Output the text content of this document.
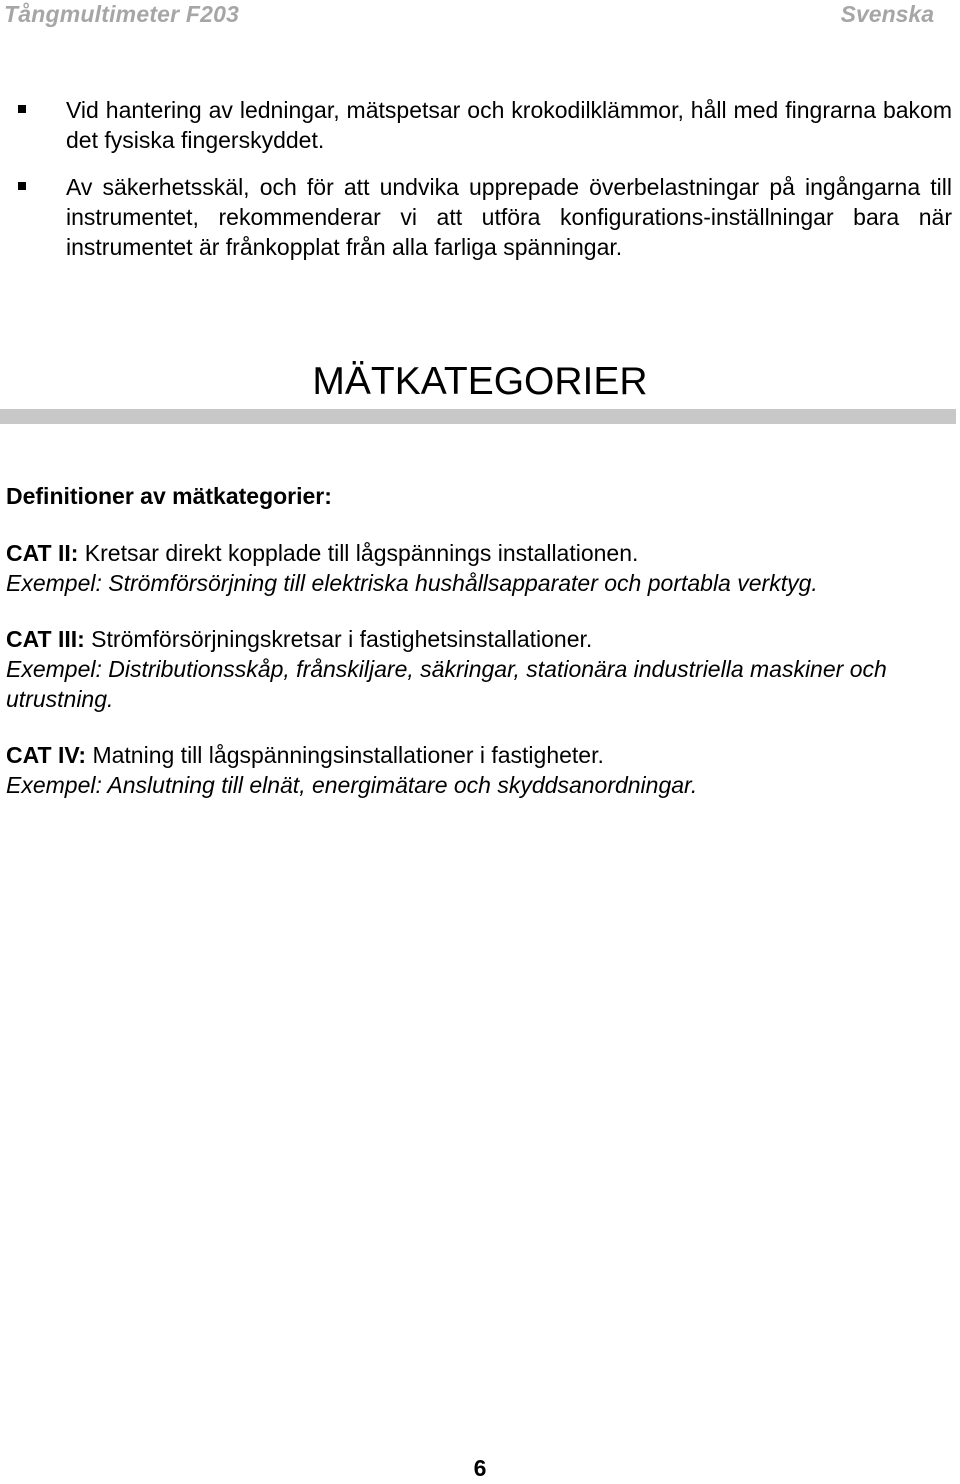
Tångmultimeter F203	Svenska
Vid hantering av ledningar, mätspetsar och krokodilklämmor, håll med fingrarna bakom det fysiska fingerskyddet.
Av säkerhetsskäl, och för att undvika upprepade överbelastningar på ingångarna till instrumentet, rekommenderar vi att utföra konfigurations-inställningar bara när instrumentet är frånkopplat från alla farliga spänningar.
MÄTKATEGORIER
Definitioner av mätkategorier:
CAT II: Kretsar direkt kopplade till lågspännings installationen.
Exempel: Strömförsörjning till elektriska hushållsapparater och portabla verktyg.
CAT III: Strömförsörjningskretsar i fastighetsinstallationer.
Exempel: Distributionsskåp, frånskiljare, säkringar, stationära industriella maskiner och utrustning.
CAT IV: Matning till lågspänningsinstallationer i fastigheter.
Exempel: Anslutning till elnät, energimätare och skyddsanordningar.
6
